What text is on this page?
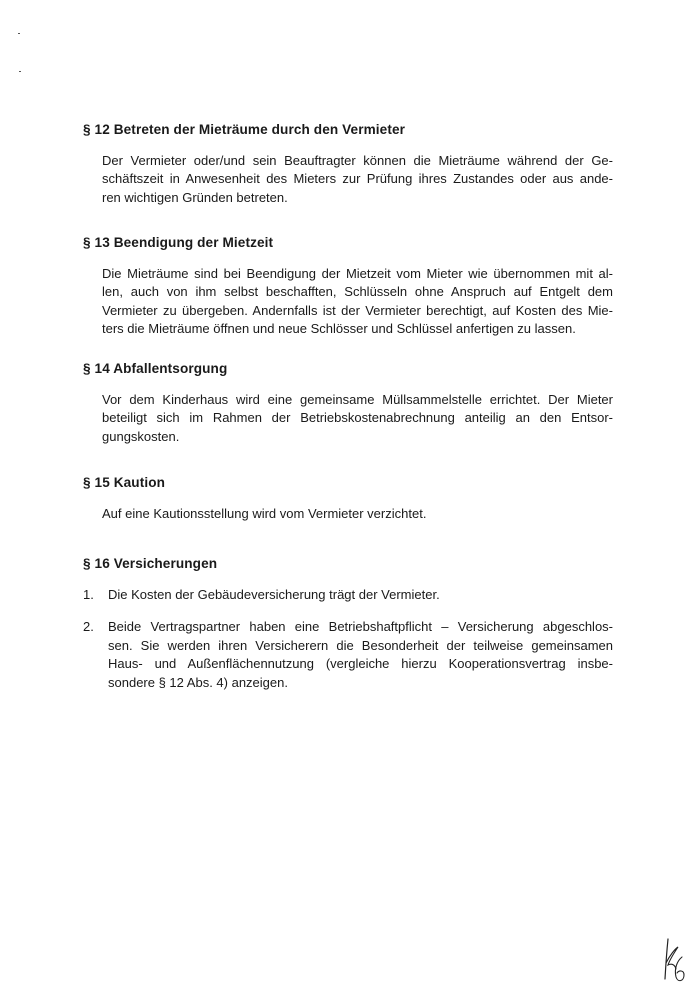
§ 12 Betreten der Mieträume durch den Vermieter

Der Vermieter oder/und sein Beauftragter können die Mieträume während der Ge-
schäftszeit in Anwesenheit des Mieters zur Prüfung ihres Zustandes oder aus ande-
ren wichtigen Gründen betreten.

§ 13 Beendigung der Mietzeit

Die Mieträume sind bei Beendigung der Mietzeit vom Mieter wie übernommen mit al-
len, auch von ihm selbst beschafften, Schlüsseln ohne Anspruch auf Entgelt dem
Vermieter zu übergeben. Andernfalls ist der Vermieter berechtigt, auf Kosten des Mie-
ters die Mieträume öffnen und neue Schlösser und Schlüssel anfertigen zu lassen.

§ 14 Abfallentsorgung

Vor dem Kinderhaus wird eine gemeinsame Müllsammelstelle errichtet. Der Mieter
beteiligt sich im Rahmen der Betriebskostenabrechnung anteilig an den Entsor-
gungskosten.

§ 15 Kaution

Auf eine Kautionsstellung wird vom Vermieter verzichtet.

§ 16 Versicherungen

1. Die Kosten der Gebäudeversicherung trägt der Vermieter.
2. Beide Vertragspartner haben eine Betriebshaftpflicht – Versicherung abgeschlos-
sen. Sie werden ihren Versicherern die Besonderheit der teilweise gemeinsamen
Haus- und Außenflächennutzung (vergleiche hierzu Kooperationsvertrag insbe-
sondere § 12 Abs. 4) anzeigen.
